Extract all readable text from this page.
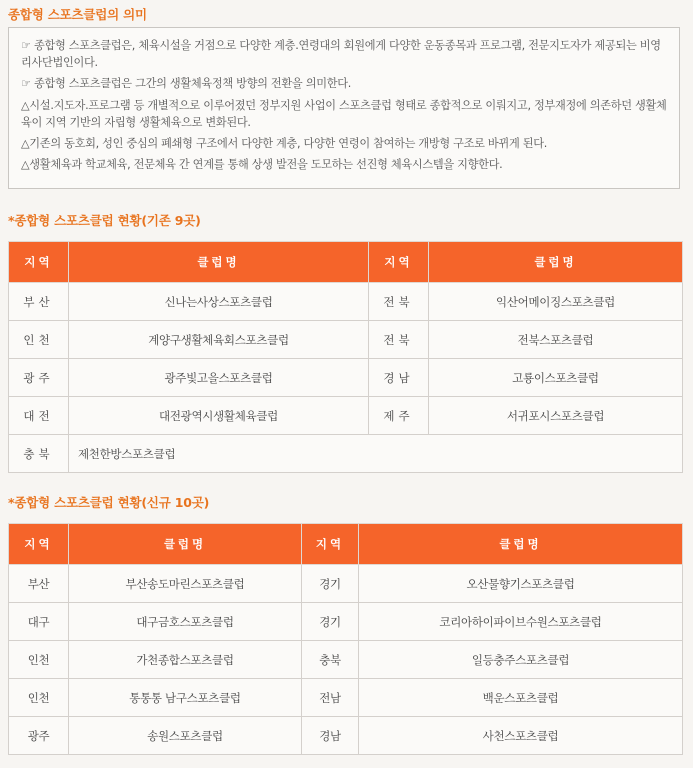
종합형 스포츠클럽의 의미

☞ 종합형 스포츠클럽은, 체육시설을 거점으로 다양한 계층.연령대의 회원에게 다양한 운동종목과 프로그램, 전문지도자가 제공되는 비영리사단법인이다.

☞ 종합형 스포츠클럽은 그간의 생활체육정책 방향의 전환을 의미한다.

△시설.지도자.프로그램 등 개별적으로 이루어졌던 정부지원 사업이 스포츠클럽 형태로 종합적으로 이뤄지고, 정부재정에 의존하던 생활체육이 지역 기반의 자립형 생활체육으로 변화된다.

△기존의 동호회, 성인 중심의 폐쇄형 구조에서 다양한 계층, 다양한 연령이 참여하는 개방형 구조로 바뀌게 된다.

△생활체육과 학교체육, 전문체육 간 연계를 통해 상생 발전을 도모하는 선진형 체육시스템을 지향한다.

*종합형 스포츠클럽 현황(기존 9곳)
지역	클럽명	지역	클럽명
부산	신나는사상스포츠클럽	전북	익산어메이징스포츠클럽
인천	계양구생활체육회스포츠클럽	전북	전북스포츠클럽
광주	광주빛고을스포츠클럽	경남	고룡이스포츠클럽
대전	대전광역시생활체육클럽	제주	서귀포시스포츠클럽
충북	제천한방스포츠클럽		
*종합형 스포츠클럽 현황(신규 10곳)
지역	클럽명	지역	클럽명
부산	부산송도마린스포츠클럽	경기	오산물향기스포츠클럽
대구	대구금호스포츠클럽	경기	코리아하이파이브수원스포츠클럽
인천	가천종합스포츠클럽	충북	일등충주스포츠클럽
인천	통통통 남구스포츠클럽	전남	백운스포츠클럽
광주	송원스포츠클럽	경남	사천스포츠클럽
